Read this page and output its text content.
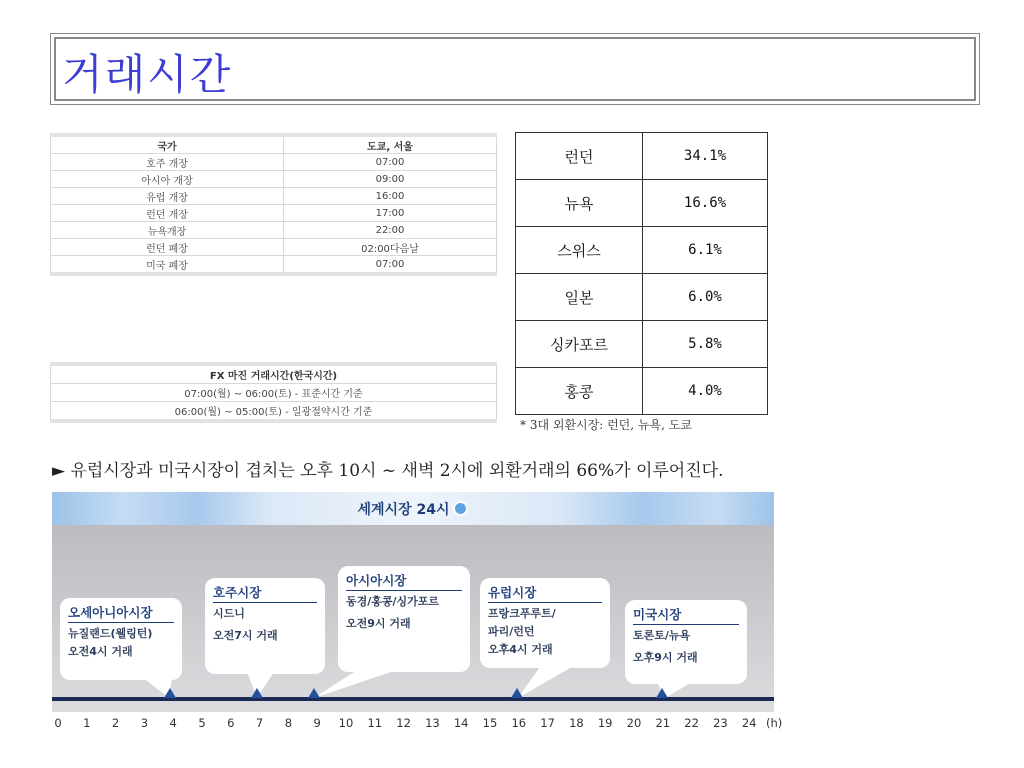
거래시간
국가	도쿄, 서울
호주 개장	07:00
아시아 개장	09:00
유럽 개장	16:00
런던 개장	17:00
뉴욕개장	22:00
런던 폐장	02:00다음날
미국 폐장	07:00
FX 마진 거래시간(한국시간)
07:00(월) ~ 06:00(토) - 표준시간 기준
06:00(월) ~ 05:00(토) - 일광절약시간 기준
런던	34.1%
뉴욕	16.6%
스위스	6.1%
일본	6.0%
싱카포르	5.8%
홍콩	4.0%
* 3대 외환시장: 런던, 뉴욕, 도쿄
► 유럽시장과 미국시장이 겹치는 오후 10시 ~ 새벽 2시에 외환거래의 66%가 이루어진다.
세계시장 24시
오세아니아시장
뉴질랜드(웰링턴)
오전4시 거래
호주시장
시드니
오전7시 거래
아시아시장
동경/홍콩/싱가포르
오전9시 거래
유럽시장
프랑크푸루트/
파리/런던
오후4시 거래
미국시장
토론토/뉴욕
오후9시 거래
0 1 2 3 4 5 6 7 8 9 10 11 12 13 14 15 16 17 18 19 20 21 22 23 24 (h)
